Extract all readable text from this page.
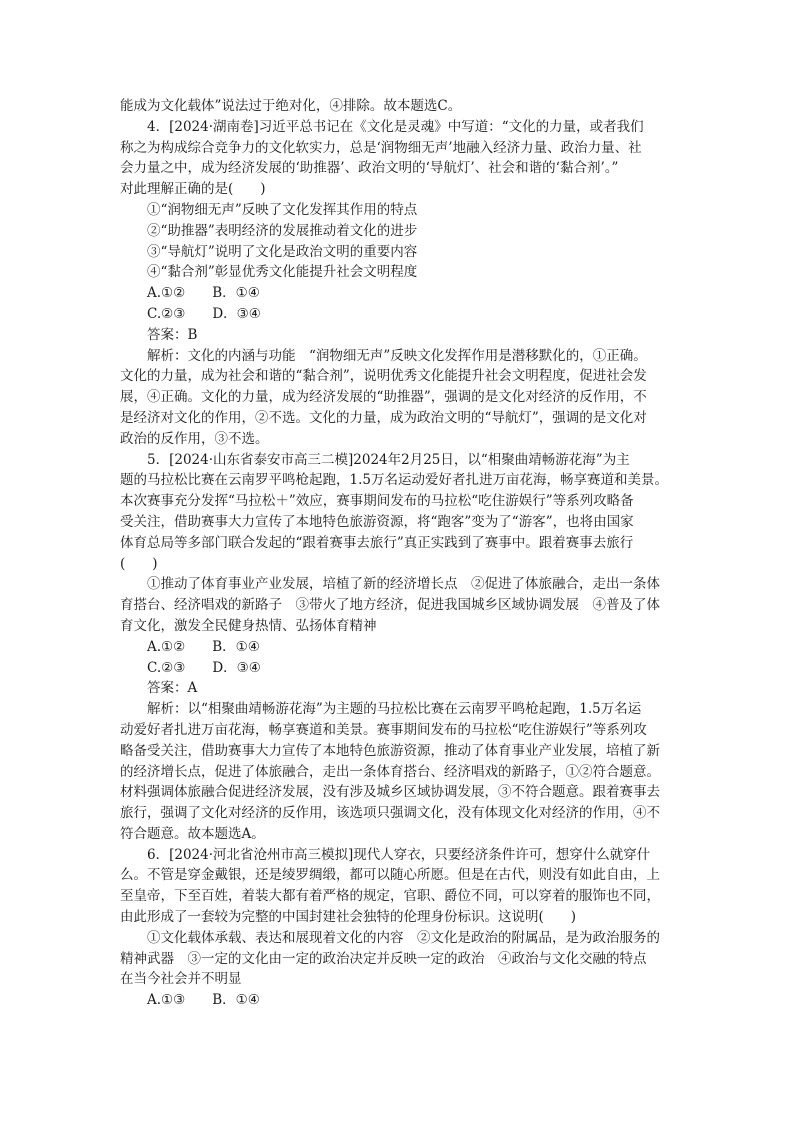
能成为文化载体”说法过于绝对化，④排除。故本题选C。
4．[2024·湖南卷]习近平总书记在《文化是灵魂》中写道：“文化的力量，或者我们
称之为构成综合竞争力的文化软实力，总是‘润物细无声’地融入经济力量、政治力量、社
会力量之中，成为经济发展的‘助推器’、政治文明的‘导航灯’、社会和谐的‘黏合剂’。”
对此理解正确的是(　　)
①“润物细无声”反映了文化发挥其作用的特点
②“助推器”表明经济的发展推动着文化的进步
③“导航灯”说明了文化是政治文明的重要内容
④“黏合剂”彰显优秀文化能提升社会文明程度
A.①②　　B．①④
C.②③　　D．③④
答案：B
解析：文化的内涵与功能　“润物细无声”反映文化发挥作用是潜移默化的，①正确。
文化的力量，成为社会和谐的“黏合剂”，说明优秀文化能提升社会文明程度，促进社会发
展，④正确。文化的力量，成为经济发展的“助推器”，强调的是文化对经济的反作用，不
是经济对文化的作用，②不选。文化的力量，成为政治文明的“导航灯”，强调的是文化对
政治的反作用，③不选。
5．[2024·山东省泰安市高三二模]2024年2月25日，以“相聚曲靖畅游花海”为主
题的马拉松比赛在云南罗平鸣枪起跑，1.5万名运动爱好者扎进万亩花海，畅享赛道和美景。
本次赛事充分发挥“马拉松＋”效应，赛事期间发布的马拉松“吃住游娱行”等系列攻略备
受关注，借助赛事大力宣传了本地特色旅游资源，将“跑客”变为了“游客”，也将由国家
体育总局等多部门联合发起的“跟着赛事去旅行”真正实践到了赛事中。跟着赛事去旅行
(　　)
①推动了体育事业产业发展，培植了新的经济增长点　②促进了体旅融合，走出一条体
育搭台、经济唱戏的新路子　③带火了地方经济，促进我国城乡区域协调发展　④普及了体
育文化，激发全民健身热情、弘扬体育精神
A.①②　　B．①④
C.②③　　D．③④
答案：A
解析：以“相聚曲靖畅游花海”为主题的马拉松比赛在云南罗平鸣枪起跑，1.5万名运
动爱好者扎进万亩花海，畅享赛道和美景。赛事期间发布的马拉松“吃住游娱行”等系列攻
略备受关注，借助赛事大力宣传了本地特色旅游资源，推动了体育事业产业发展，培植了新
的经济增长点，促进了体旅融合，走出一条体育搭台、经济唱戏的新路子，①②符合题意。
材料强调体旅融合促进经济发展，没有涉及城乡区域协调发展，③不符合题意。跟着赛事去
旅行，强调了文化对经济的反作用，该选项只强调文化，没有体现文化对经济的作用，④不
符合题意。故本题选A。
6．[2024·河北省沧州市高三模拟]现代人穿衣，只要经济条件许可，想穿什么就穿什
么。不管是穿金戴银，还是绫罗绸缎，都可以随心所愿。但是在古代，则没有如此自由，上
至皇帝，下至百姓，着装大都有着严格的规定，官职、爵位不同，可以穿着的服饰也不同，
由此形成了一套较为完整的中国封建社会独特的伦理身份标识。这说明(　　)
①文化载体承载、表达和展现着文化的内容　②文化是政治的附属品，是为政治服务的
精神武器　③一定的文化由一定的政治决定并反映一定的政治　④政治与文化交融的特点
在当今社会并不明显
A.①③　　B．①④
